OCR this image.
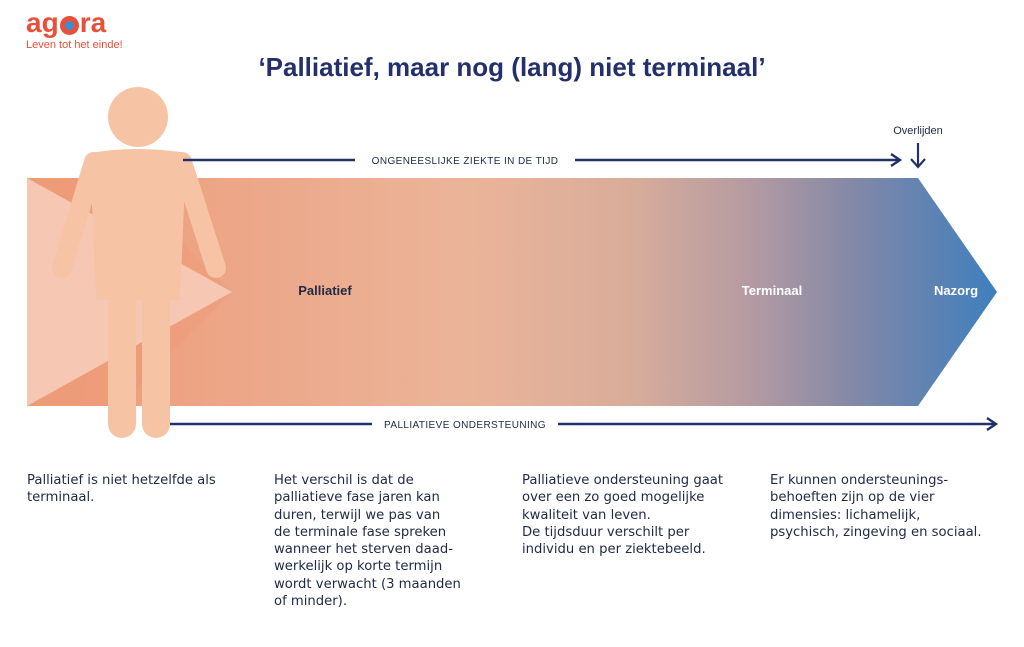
ag ra
Leven tot het einde!
‘Palliatief, maar nog (lang) niet terminaal’
ONGENEESLIJKE ZIEKTE IN DE TIJD
Overlijden
PALLIATIEVE ONDERSTEUNING
Palliatief	Terminaal	Nazorg
Palliatief is niet hetzelfde als
terminaal.
Het verschil is dat de
palliatieve fase jaren kan
duren, terwijl we pas van
de terminale fase spreken
wanneer het sterven daad-
werkelijk op korte termijn
wordt verwacht (3 maanden
of minder).
Palliatieve ondersteuning gaat
over een zo goed mogelijke
kwaliteit van leven.
De tijdsduur verschilt per
individu en per ziektebeeld.
Er kunnen ondersteunings-
behoeften zijn op de vier
dimensies: lichamelijk,
psychisch, zingeving en sociaal.
